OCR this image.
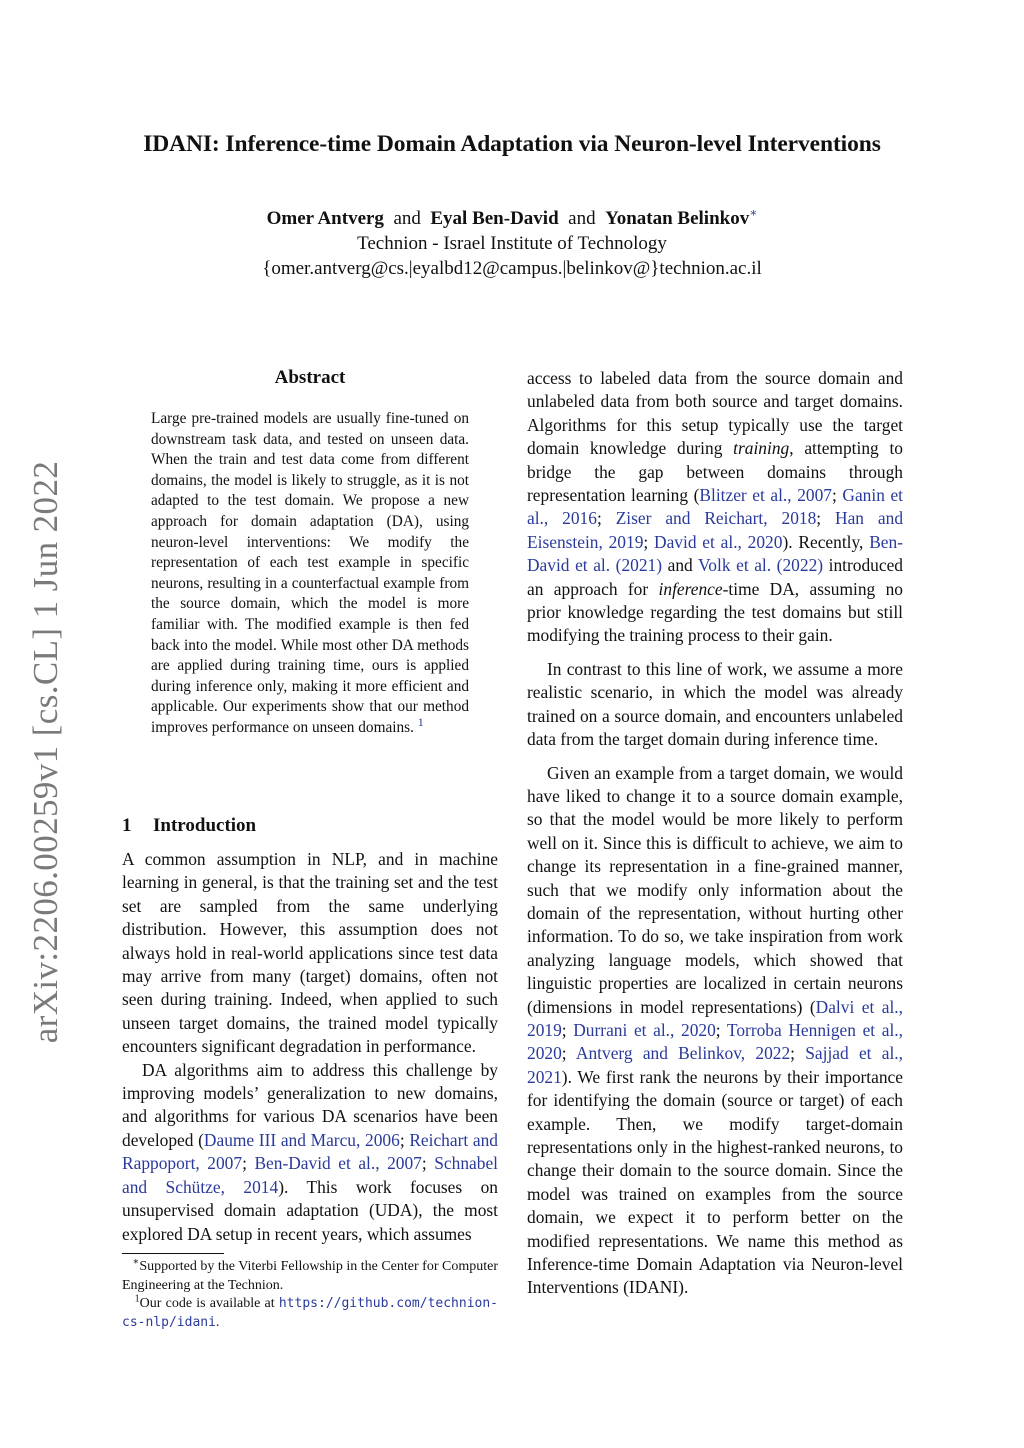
IDANI: Inference-time Domain Adaptation via Neuron-level Interventions
Omer Antverg and Eyal Ben-David and Yonatan Belinkov∗
Technion - Israel Institute of Technology
{omer.antverg@cs.|eyalbd12@campus.|belinkov@}technion.ac.il
arXiv:2206.00259v1 [cs.CL] 1 Jun 2022
Abstract
Large pre-trained models are usually fine-tuned on downstream task data, and tested on unseen data. When the train and test data come from different domains, the model is likely to struggle, as it is not adapted to the test domain. We propose a new approach for domain adaptation (DA), using neuron-level interventions: We modify the representation of each test example in specific neurons, resulting in a counterfactual example from the source domain, which the model is more familiar with. The modified example is then fed back into the model. While most other DA methods are applied during training time, ours is applied during inference only, making it more efficient and applicable. Our experiments show that our method improves performance on unseen domains. $^1$
1 Introduction

A common assumption in NLP, and in machine learning in general, is that the training set and the test set are sampled from the same underlying distribution. However, this assumption does not always hold in real-world applications since test data may arrive from many (target) domains, often not seen during training. Indeed, when applied to such unseen target domains, the trained model typically encounters significant degradation in performance.

DA algorithms aim to address this challenge by improving models’ generalization to new domains, and algorithms for various DA scenarios have been developed (Daume III and Marcu, 2006; Reichart and Rappoport, 2007; Ben-David et al., 2007; Schnabel and Schütze, 2014). This work focuses on unsupervised domain adaptation (UDA), the most explored DA setup in recent years, which assumes

∗Supported by the Viterbi Fellowship in the Center for Computer Engineering at the Technion.

$^1$Our code is available at https://github.com/technion-cs-nlp/idani.

access to labeled data from the source domain and unlabeled data from both source and target domains. Algorithms for this setup typically use the target domain knowledge during training, attempting to bridge the gap between domains through representation learning (Blitzer et al., 2007; Ganin et al., 2016; Ziser and Reichart, 2018; Han and Eisenstein, 2019; David et al., 2020). Recently, Ben-David et al. (2021) and Volk et al. (2022) introduced an approach for inference-time DA, assuming no prior knowledge regarding the test domains but still modifying the training process to their gain.

In contrast to this line of work, we assume a more realistic scenario, in which the model was already trained on a source domain, and encounters unlabeled data from the target domain during inference time.

Given an example from a target domain, we would have liked to change it to a source domain example, so that the model would be more likely to perform well on it. Since this is difficult to achieve, we aim to change its representation in a fine-grained manner, such that we modify only information about the domain of the representation, without hurting other information. To do so, we take inspiration from work analyzing language models, which showed that linguistic properties are localized in certain neurons (dimensions in model representations) (Dalvi et al., 2019; Durrani et al., 2020; Torroba Hennigen et al., 2020; Antverg and Belinkov, 2022; Sajjad et al., 2021). We first rank the neurons by their importance for identifying the domain (source or target) of each example. Then, we modify target-domain representations only in the highest-ranked neurons, to change their domain to the source domain. Since the model was trained on examples from the source domain, we expect it to perform better on the modified representations. We name this method as Inference-time Domain Adaptation via Neuron-level Interventions (IDANI).
